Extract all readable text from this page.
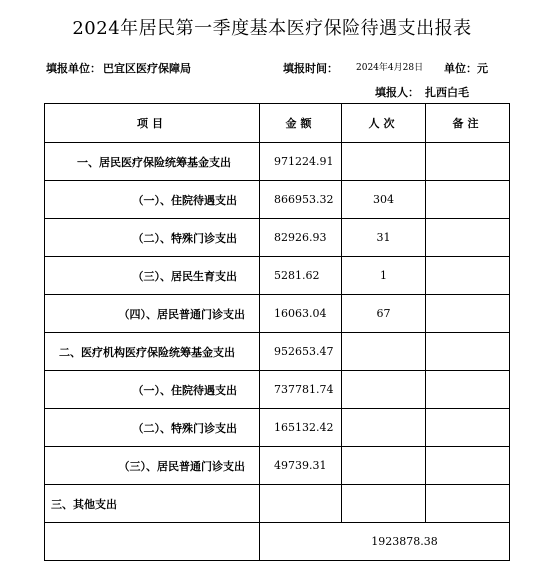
2024年居民第一季度基本医疗保险待遇支出报表
填报单位： 巴宜区医疗保障局	填报时间： 2024年4月28日 单位：元
填报人： 扎西白毛
项目	金额	人次	备注
一、居民医疗保险统筹基金支出	971224.91		
（一）、住院待遇支出	866953.32	304	
（二）、特殊门诊支出	82926.93	31	
（三）、居民生育支出	5281.62	1	
（四）、居民普通门诊支出	16063.04	67	
二、医疗机构医疗保险统筹基金支出	952653.47		
（一）、住院待遇支出	737781.74		
（二）、特殊门诊支出	165132.42		
（三）、居民普通门诊支出	49739.31		
三、其他支出			
	1923878.38		
